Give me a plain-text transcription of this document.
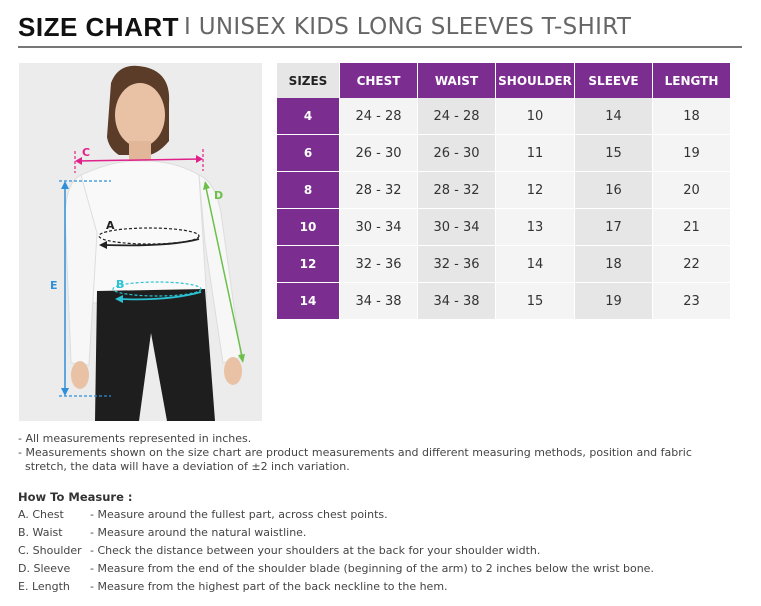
SIZE CHART I UNISEX KIDS LONG SLEEVES T-SHIRT
C
E
D
A
B
SIZES	CHEST	WAIST	SHOULDER	SLEEVE	LENGTH
4	24 - 28	24 - 28	10	14	18
6	26 - 30	26 - 30	11	15	19
8	28 - 32	28 - 32	12	16	20
10	30 - 34	30 - 34	13	17	21
12	32 - 36	32 - 36	14	18	22
14	34 - 38	34 - 38	15	19	23

- All measurements represented in inches.

- Measurements shown on the size chart are product measurements and different measuring methods, position and fabric

stretch, the data will have a deviation of ±2 inch variation.

How To Measure :
A. Chest - Measure around the fullest part, across chest points.
B. Waist - Measure around the natural waistline.
C. Shoulder - Check the distance between your shoulders at the back for your shoulder width.
D. Sleeve - Measure from the end of the shoulder blade (beginning of the arm) to 2 inches below the wrist bone.
E. Length - Measure from the highest part of the back neckline to the hem.
